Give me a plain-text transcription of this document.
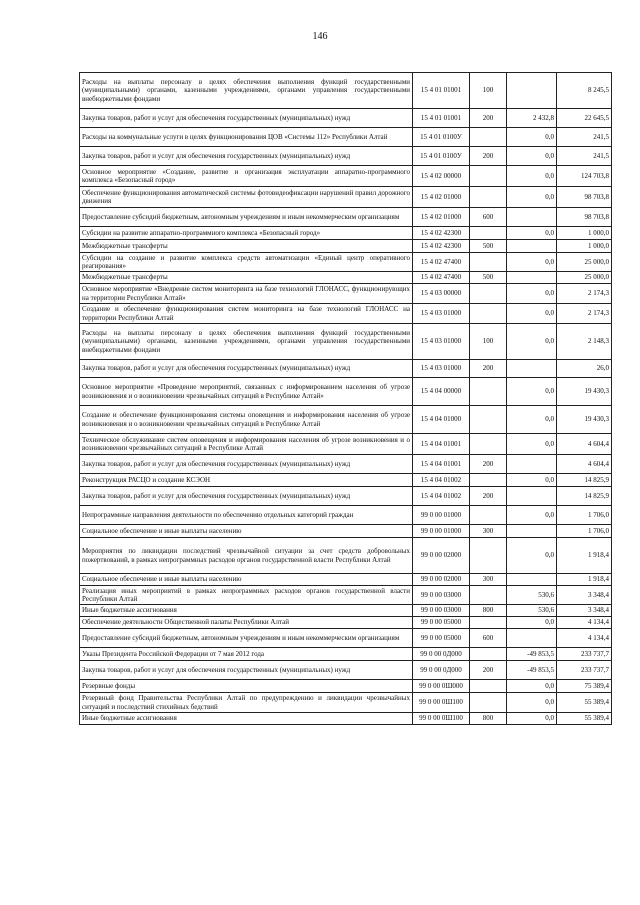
146
Расходы на выплаты персоналу в целях обеспечения выполнения функций государственными (муниципальными) органами, казенными учреждениями, органами управления государственными внебюджетными фондами	15 4 01 01001	100		8 245,5
Закупка товаров, работ и услуг для обеспечения государственных (муниципальных) нужд	15 4 01 01001	200	2 432,8	22 645,5
Расходы на коммунальные услуги в целях функционирования ЦОВ «Системы 112» Республики Алтай	15 4 01 0100У		0,0	241,5
Закупка товаров, работ и услуг для обеспечения государственных (муниципальных) нужд	15 4 01 0100У	200	0,0	241,5
Основное мероприятие «Создание, развитие и организация эксплуатации аппаратно-программного комплекса «Безопасный город»	15 4 02 00000		0,0	124 703,8
Обеспечение функционирования автоматической системы фотовидеофиксации нарушений правил дорожного движения	15 4 02 01000		0,0	98 703,8
Предоставление субсидий бюджетным, автономным учреждениям и иным некоммерческим организациям	15 4 02 01000	600		98 703,8
Субсидии на развитие аппаратно-программного комплекса «Безопасный город»	15 4 02 42300		0,0	1 000,0
Межбюджетные трансферты	15 4 02 42300	500		1 000,0
Субсидии на создание и развитие комплекса средств автоматизации «Единый центр оперативного реагирования»	15 4 02 47400		0,0	25 000,0
Межбюджетные трансферты	15 4 02 47400	500		25 000,0
Основное мероприятие «Внедрение систем мониторинга на базе технологий ГЛОНАСС, функционирующих на территории Республики Алтай»	15 4 03 00000		0,0	2 174,3
Создание и обеспечение функционирования систем мониторинга на базе технологий ГЛОНАСС на территории Республики Алтай	15 4 03 01000		0,0	2 174,3
Расходы на выплаты персоналу в целях обеспечения выполнения функций государственными (муниципальными) органами, казенными учреждениями, органами управления государственными внебюджетными фондами	15 4 03 01000	100	0,0	2 148,3
Закупка товаров, работ и услуг для обеспечения государственных (муниципальных) нужд	15 4 03 01000	200		26,0
Основное мероприятие «Проведение мероприятий, связанных с информированием населения об угрозе возникновения и о возникновении чрезвычайных ситуаций в Республике Алтай»	15 4 04 00000		0,0	19 430,3
Создание и обеспечение функционирования системы оповещения и информирования населения об угрозе возникновения и о возникновении чрезвычайных ситуаций в Республике Алтай	15 4 04 01000		0,0	19 430,3
Техническое обслуживание систем оповещения и информирования населения об угрозе возникновения и о возникновении чрезвычайных ситуаций в Республике Алтай	15 4 04 01001		0,0	4 604,4
Закупка товаров, работ и услуг для обеспечения государственных (муниципальных) нужд	15 4 04 01001	200		4 604,4
Реконструкция РАСЦО и создание КСЭОН	15 4 04 01002		0,0	14 825,9
Закупка товаров, работ и услуг для обеспечения государственных (муниципальных) нужд	15 4 04 01002	200		14 825,9
Непрограммные направления деятельности по обеспечению отдельных категорий граждан	99 0 00 01000		0,0	1 706,0
Социальное обеспечение и иные выплаты населению	99 0 00 01000	300		1 706,0
Мероприятия по ликвидации последствий чрезвычайной ситуации за счет средств добровольных пожертвований, в рамках непрограммных расходов органов государственной власти Республики Алтай	99 0 00 02000		0,0	1 918,4
Социальное обеспечение и иные выплаты населению	99 0 00 02000	300		1 918,4
Реализация иных мероприятий в рамках непрограммных расходов органов государственной власти Республики Алтай	99 0 00 03000		530,6	3 348,4
Иные бюджетные ассигнования	99 0 00 03000	800	530,6	3 348,4
Обеспечение деятельности Общественной палаты Республики Алтай	99 0 00 05000		0,0	4 134,4
Предоставление субсидий бюджетным, автономным учреждениям и иным некоммерческим организациям	99 0 00 05000	600		4 134,4
Указы Президента Российской Федерации от 7 мая 2012 года	99 0 00 0Д000		-49 853,5	233 737,7
Закупка товаров, работ и услуг для обеспечения государственных (муниципальных) нужд	99 0 00 0Д000	200	-49 853,5	233 737,7
Резервные фонды	99 0 00 0Ш000		0,0	75 389,4
Резервный фонд Правительства Республики Алтай по предупреждению и ликвидации чрезвычайных ситуаций и последствий стихийных бедствий	99 0 00 0Ш100		0,0	55 389,4
Иные бюджетные ассигнования	99 0 00 0Ш100	800	0,0	55 389,4
